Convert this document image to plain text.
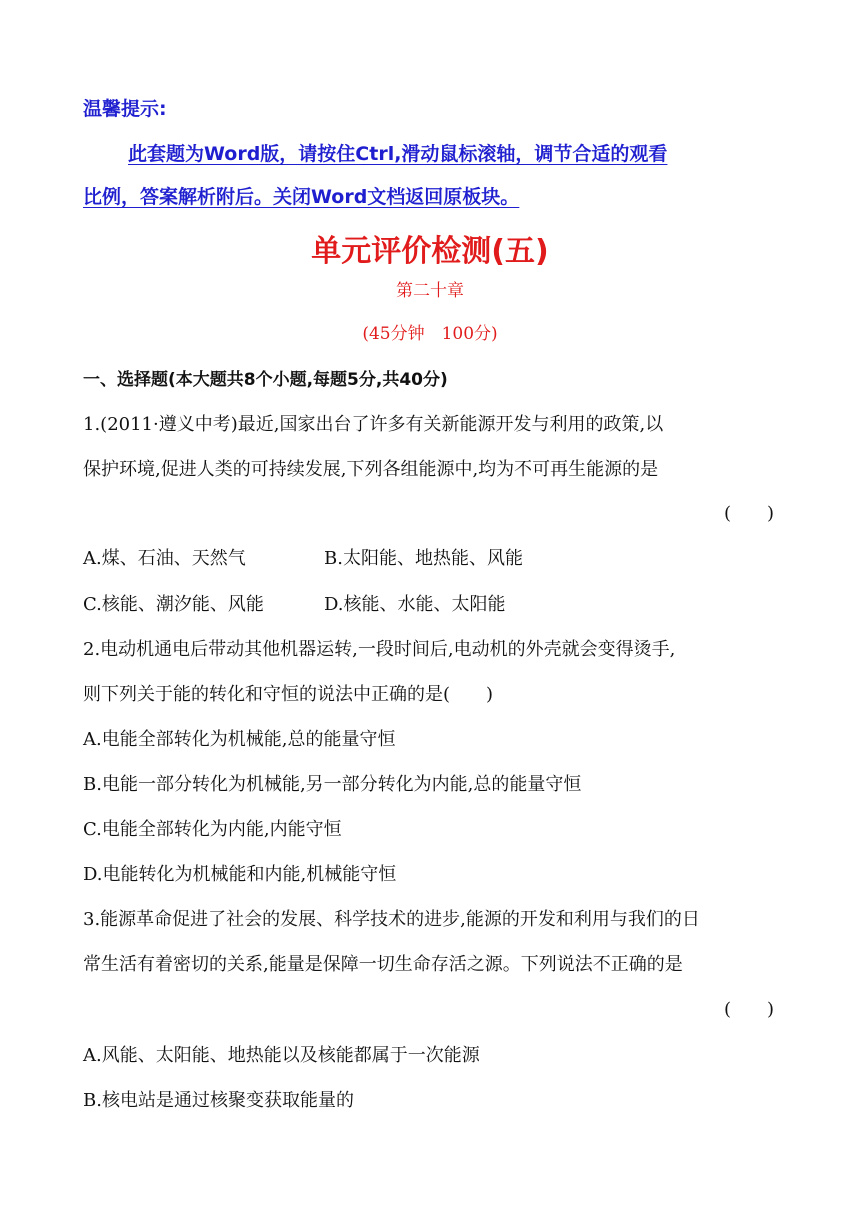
温馨提示:
此套题为Word版，请按住Ctrl,滑动鼠标滚轴，调节合适的观看
比例，答案解析附后。关闭Word文档返回原板块。
单元评价检测(五)
第二十章
(45分钟　100分)
一、选择题(本大题共8个小题,每题5分,共40分)
1.(2011·遵义中考)最近,国家出台了许多有关新能源开发与利用的政策,以
保护环境,促进人类的可持续发展,下列各组能源中,均为不可再生能源的是
(　　)
A.煤、石油、天然气	B.太阳能、地热能、风能
C.核能、潮汐能、风能	D.核能、水能、太阳能
2.电动机通电后带动其他机器运转,一段时间后,电动机的外壳就会变得烫手,
则下列关于能的转化和守恒的说法中正确的是(　　)
A.电能全部转化为机械能,总的能量守恒
B.电能一部分转化为机械能,另一部分转化为内能,总的能量守恒
C.电能全部转化为内能,内能守恒
D.电能转化为机械能和内能,机械能守恒
3.能源革命促进了社会的发展、科学技术的进步,能源的开发和利用与我们的日
常生活有着密切的关系,能量是保障一切生命存活之源。下列说法不正确的是
(　　)
A.风能、太阳能、地热能以及核能都属于一次能源
B.核电站是通过核聚变获取能量的
